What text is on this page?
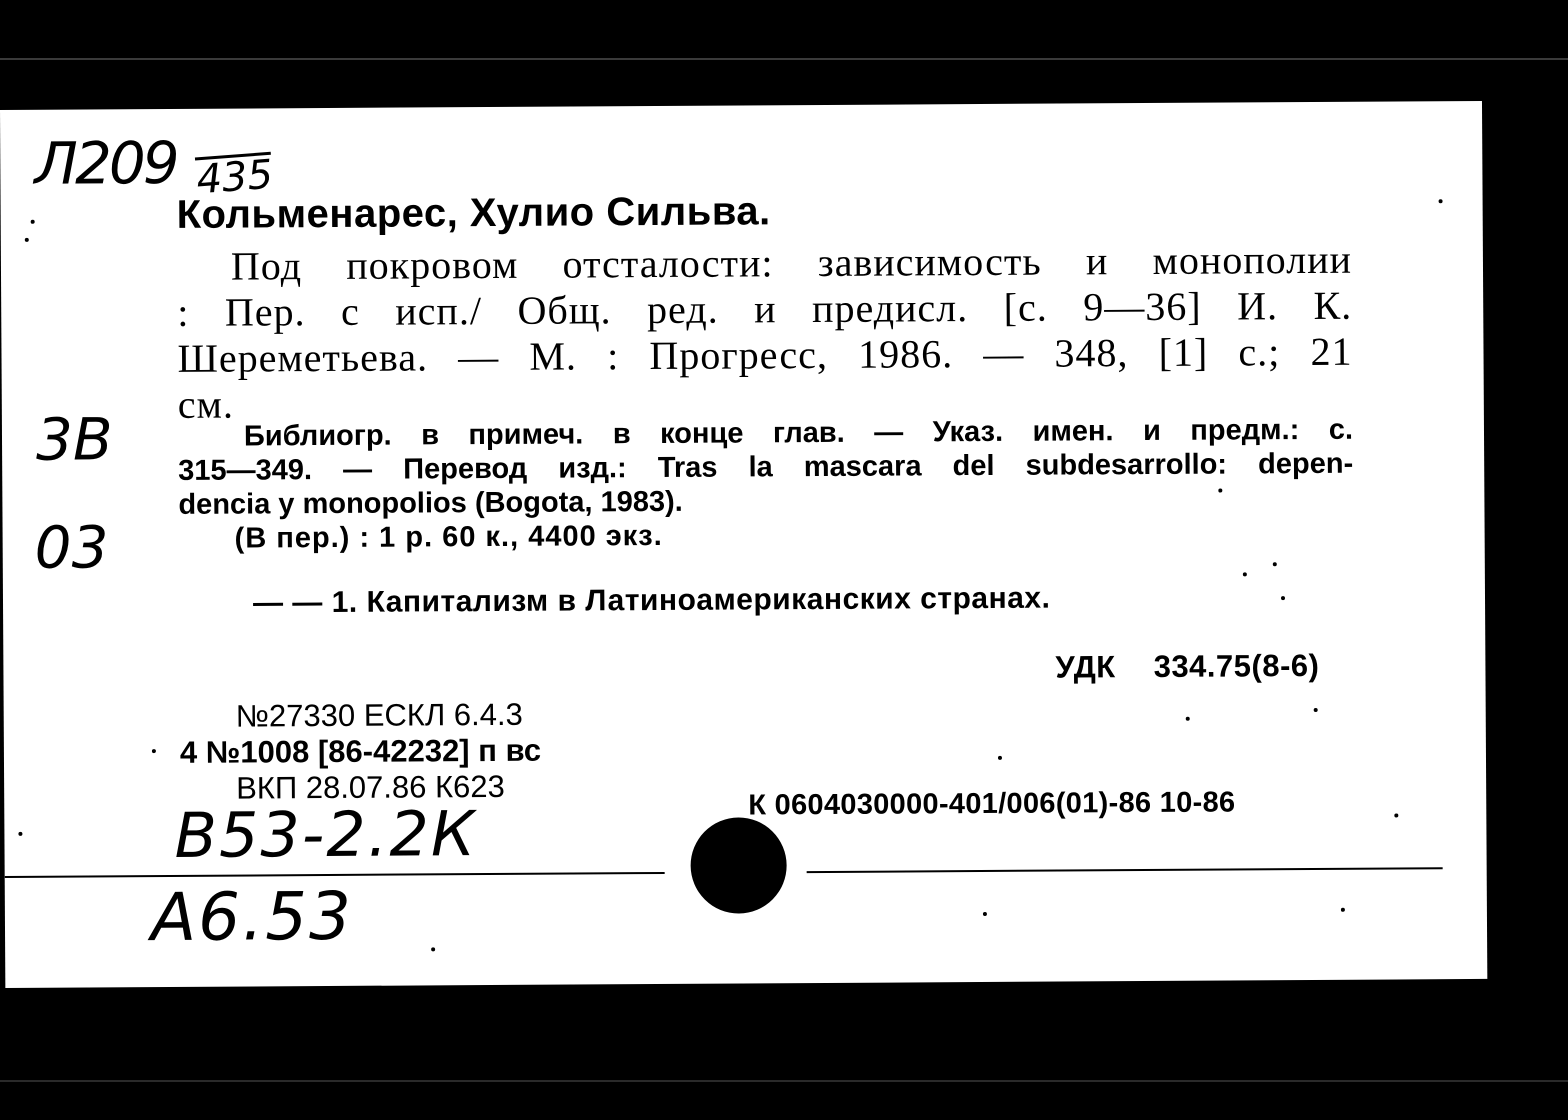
Л209 435
Кольменарес, Хулио Сильва.
Под покровом отсталости: зависимость и монополии
: Пер. с исп./ Общ. ред. и предисл. [с. 9—36] И. К.
Шереметьева. — М. : Прогресс, 1986. — 348, [1] с.; 21
см.
3В
03
Библиогр. в примеч. в конце глав. — Указ. имен. и предм.: с.
315—349. — Перевод изд.: Tras la mascara del subdesarrollo: depen-
dencia y monopolios (Bogota, 1983).
(В пер.) : 1 р. 60 к., 4400 экз.
— — 1. Капитализм в Латиноамериканских странах.
УДК 334.75(8-6)
№27330 ЕСКЛ 6.4.3
4 №1008 [86-42232] п вс
ВКП 28.07.86 К623	К 0604030000-401/006(01)-86 10-86
В53-2.2К
А6.53
